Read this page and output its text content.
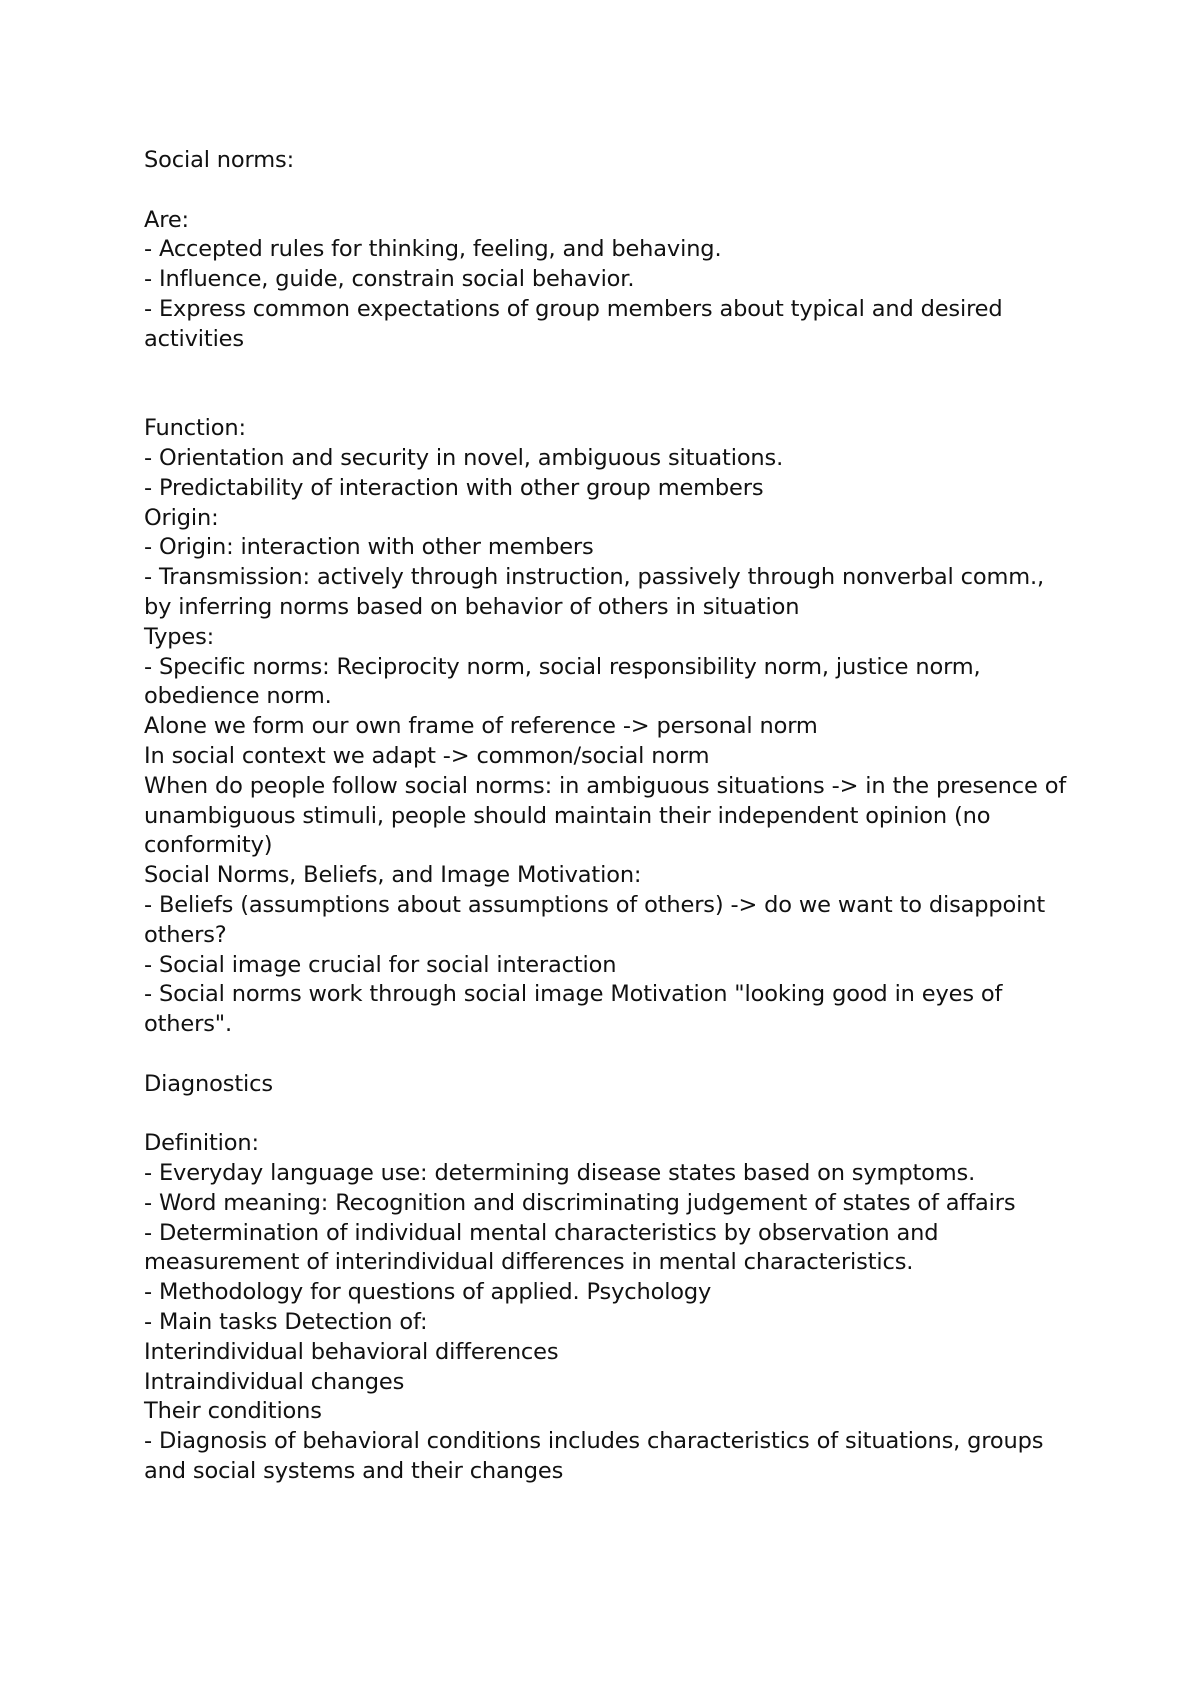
Social norms:
Are:
- Accepted rules for thinking, feeling, and behaving.
- Influence, guide, constrain social behavior.
- Express common expectations of group members about typical and desired activities
Function:
- Orientation and security in novel, ambiguous situations.
- Predictability of interaction with other group members
Origin:
- Origin: interaction with other members
- Transmission: actively through instruction, passively through nonverbal comm., by inferring norms based on behavior of others in situation
Types:
- Specific norms: Reciprocity norm, social responsibility norm, justice norm, obedience norm.
Alone we form our own frame of reference -> personal norm
In social context we adapt -> common/social norm
When do people follow social norms: in ambiguous situations -> in the presence of unambiguous stimuli, people should maintain their independent opinion (no conformity)
Social Norms, Beliefs, and Image Motivation:
- Beliefs (assumptions about assumptions of others) -> do we want to disappoint others?
- Social image crucial for social interaction
- Social norms work through social image Motivation "looking good in eyes of others".
Diagnostics
Definition:
- Everyday language use: determining disease states based on symptoms.
- Word meaning: Recognition and discriminating judgement of states of affairs
- Determination of individual mental characteristics by observation and measurement of interindividual differences in mental characteristics.
- Methodology for questions of applied. Psychology
- Main tasks Detection of:
Interindividual behavioral differences
Intraindividual changes
Their conditions
- Diagnosis of behavioral conditions includes characteristics of situations, groups and social systems and their changes
